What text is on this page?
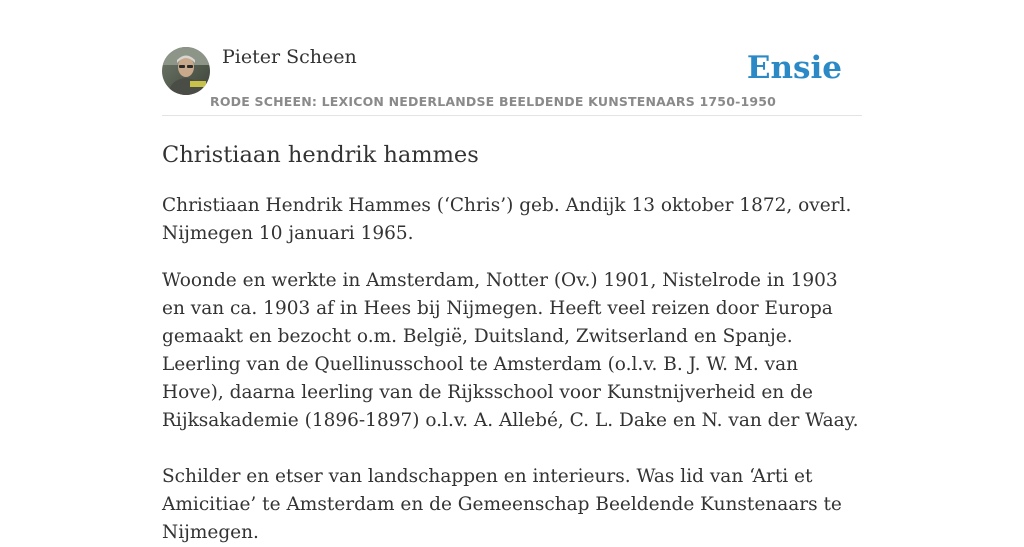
Pieter Scheen
RODE SCHEEN: LEXICON NEDERLANDSE BEELDENDE KUNSTENAARS 1750-1950
Ensie
Christiaan hendrik hammes

Christiaan Hendrik Hammes (‘Chris’) geb. Andijk 13 oktober 1872, overl. Nijmegen 10 januari 1965.

Woonde en werkte in Amsterdam, Notter (Ov.) 1901, Nistelrode in 1903 en van ca. 1903 af in Hees bij Nijmegen. Heeft veel reizen door Europa gemaakt en bezocht o.m. België, Duitsland, Zwitserland en Spanje. Leerling van de Quellinusschool te Amsterdam (o.l.v. B. J. W. M. van Hove), daarna leerling van de Rijksschool voor Kunstnijverheid en de Rijksakademie (1896-1897) o.l.v. A. Allebé, C. L. Dake en N. van der Waay.

Schilder en etser van landschappen en interieurs. Was lid van ‘Arti et Amicitiae’ te Amsterdam en de Gemeenschap Beeldende Kunstenaars te Nijmegen.
